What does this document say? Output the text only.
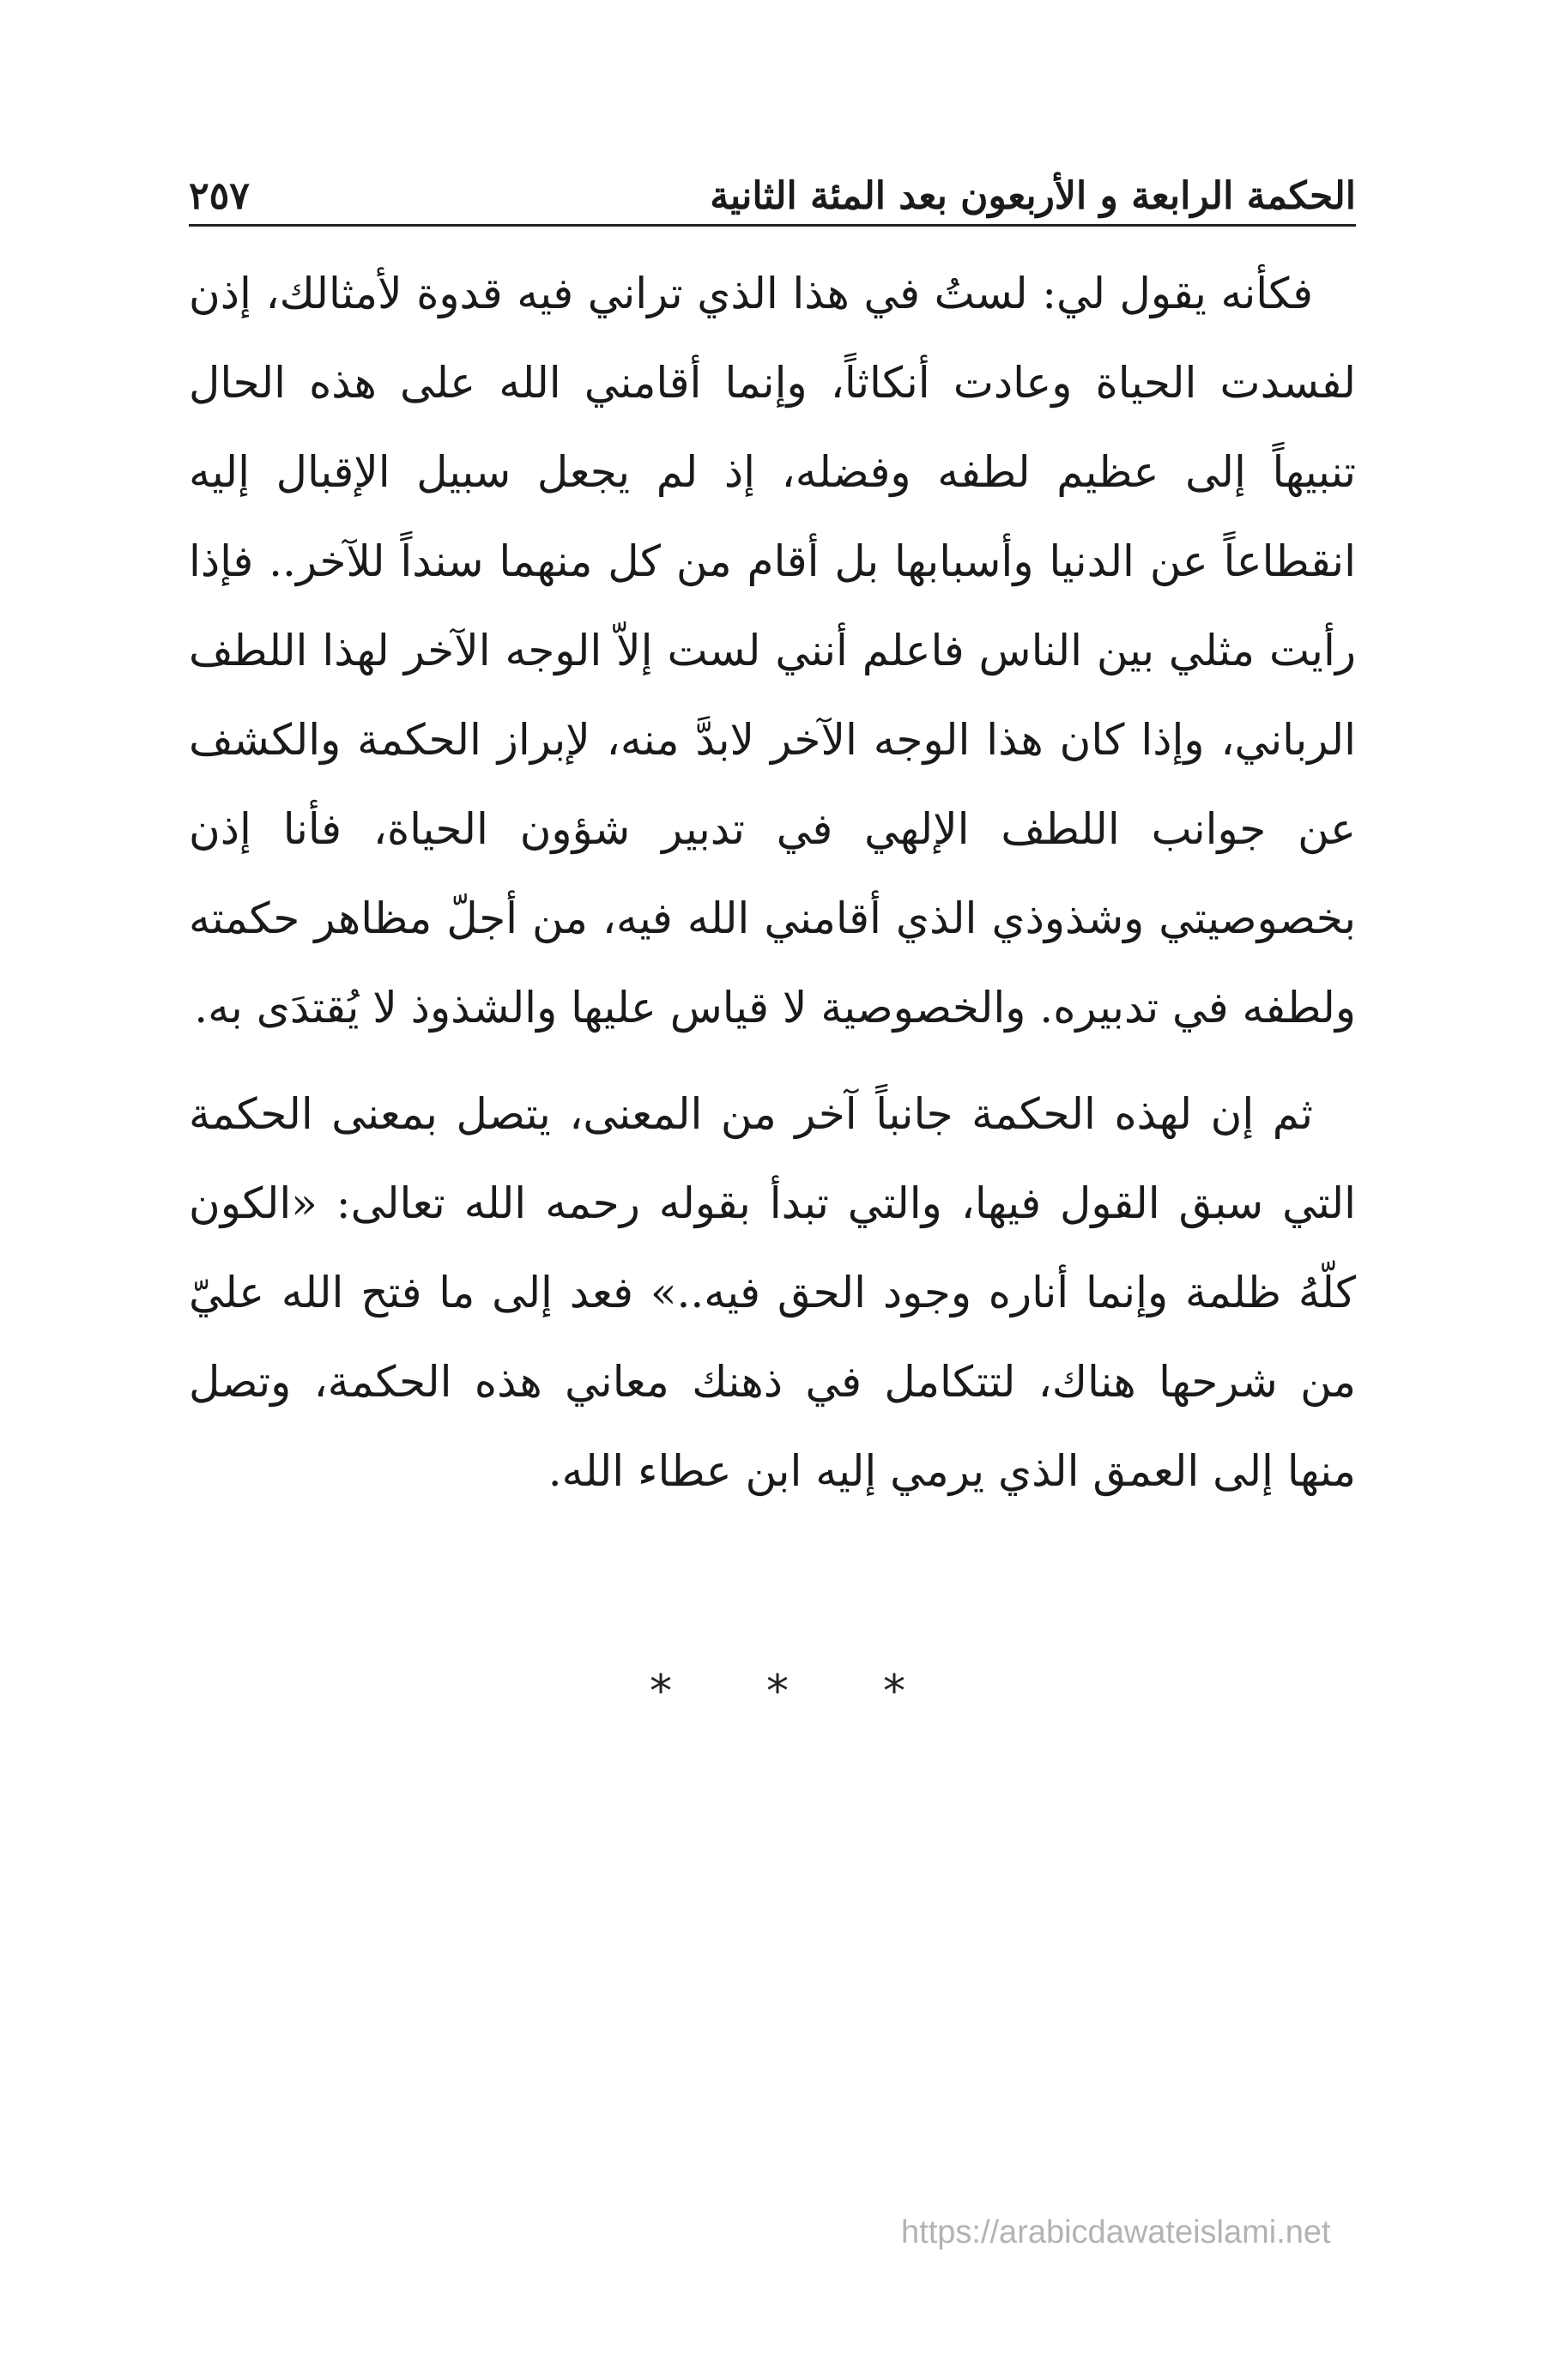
الحكمة الرابعة و الأربعون بعد المئة الثانية
٢٥٧

فكأنه يقول لي: لستُ في هذا الذي تراني فيه قدوة لأمثالك، إذن لفسدت الحياة وعادت أنكاثاً، وإنما أقامني الله على هذه الحال تنبيهاً إلى عظيم لطفه وفضله، إذ لم يجعل سبيل الإقبال إليه انقطاعاً عن الدنيا وأسبابها بل أقام من كل منهما سنداً للآخر.. فإذا رأيت مثلي بين الناس فاعلم أنني لست إلاّ الوجه الآخر لهذا اللطف الرباني، وإذا كان هذا الوجه الآخر لابدَّ منه، لإبراز الحكمة والكشف عن جوانب اللطف الإلهي في تدبير شؤون الحياة، فأنا إذن بخصوصيتي وشذوذي الذي أقامني الله فيه، من أجلّ مظاهر حكمته ولطفه في تدبيره. والخصوصية لا قياس عليها والشذوذ لا يُقتدَى به.

ثم إن لهذه الحكمة جانباً آخر من المعنى، يتصل بمعنى الحكمة التي سبق القول فيها، والتي تبدأ بقوله رحمه الله تعالى: «الكون كلّهُ ظلمة وإنما أناره وجود الحق فيه..» فعد إلى ما فتح الله عليّ من شرحها هناك، لتتكامل في ذهنك معاني هذه الحكمة، وتصل منها إلى العمق الذي يرمي إليه ابن عطاء الله.

* * *
https://arabicdawateislami.net
